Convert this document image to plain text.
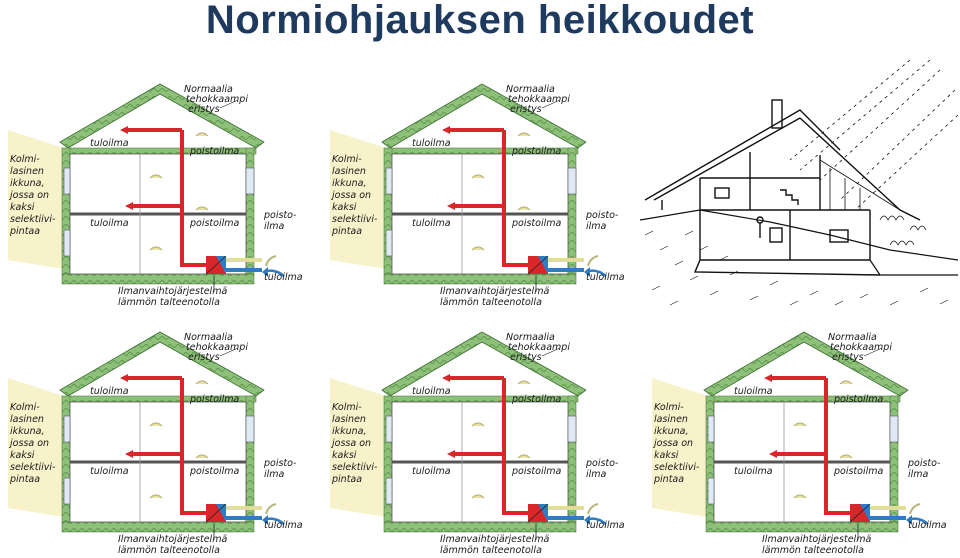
Normiohjauksen heikkoudet
Normaalia
tehokkaampi
eristys
Kolmi-
lasinen
ikkuna,
jossa on
kaksi
selektiivi-
pintaa
tuloilma
tuloilma
poistoilma
poistoilma
poisto-
ilma
tuloilma
Ilmanvaihtojärjestelmä
lämmön talteenotolla
Normaalia
tehokkaampi
eristys
Kolmi-
lasinen
ikkuna,
jossa on
kaksi
selektiivi-
pintaa
tuloilma
tuloilma
poistoilma
poistoilma
poisto-
ilma
tuloilma
Ilmanvaihtojärjestelmä
lämmön talteenotolla
Normaalia
tehokkaampi
eristys
Kolmi-
lasinen
ikkuna,
jossa on
kaksi
selektiivi-
pintaa
tuloilma
tuloilma
poistoilma
poistoilma
poisto-
ilma
tuloilma
Ilmanvaihtojärjestelmä
lämmön talteenotolla
Normaalia
tehokkaampi
eristys
Kolmi-
lasinen
ikkuna,
jossa on
kaksi
selektiivi-
pintaa
tuloilma
tuloilma
poistoilma
poistoilma
poisto-
ilma
tuloilma
Ilmanvaihtojärjestelmä
lämmön talteenotolla
Normaalia
tehokkaampi
eristys
Kolmi-
lasinen
ikkuna,
jossa on
kaksi
selektiivi-
pintaa
tuloilma
tuloilma
poistoilma
poistoilma
poisto-
ilma
tuloilma
Ilmanvaihtojärjestelmä
lämmön talteenotolla
